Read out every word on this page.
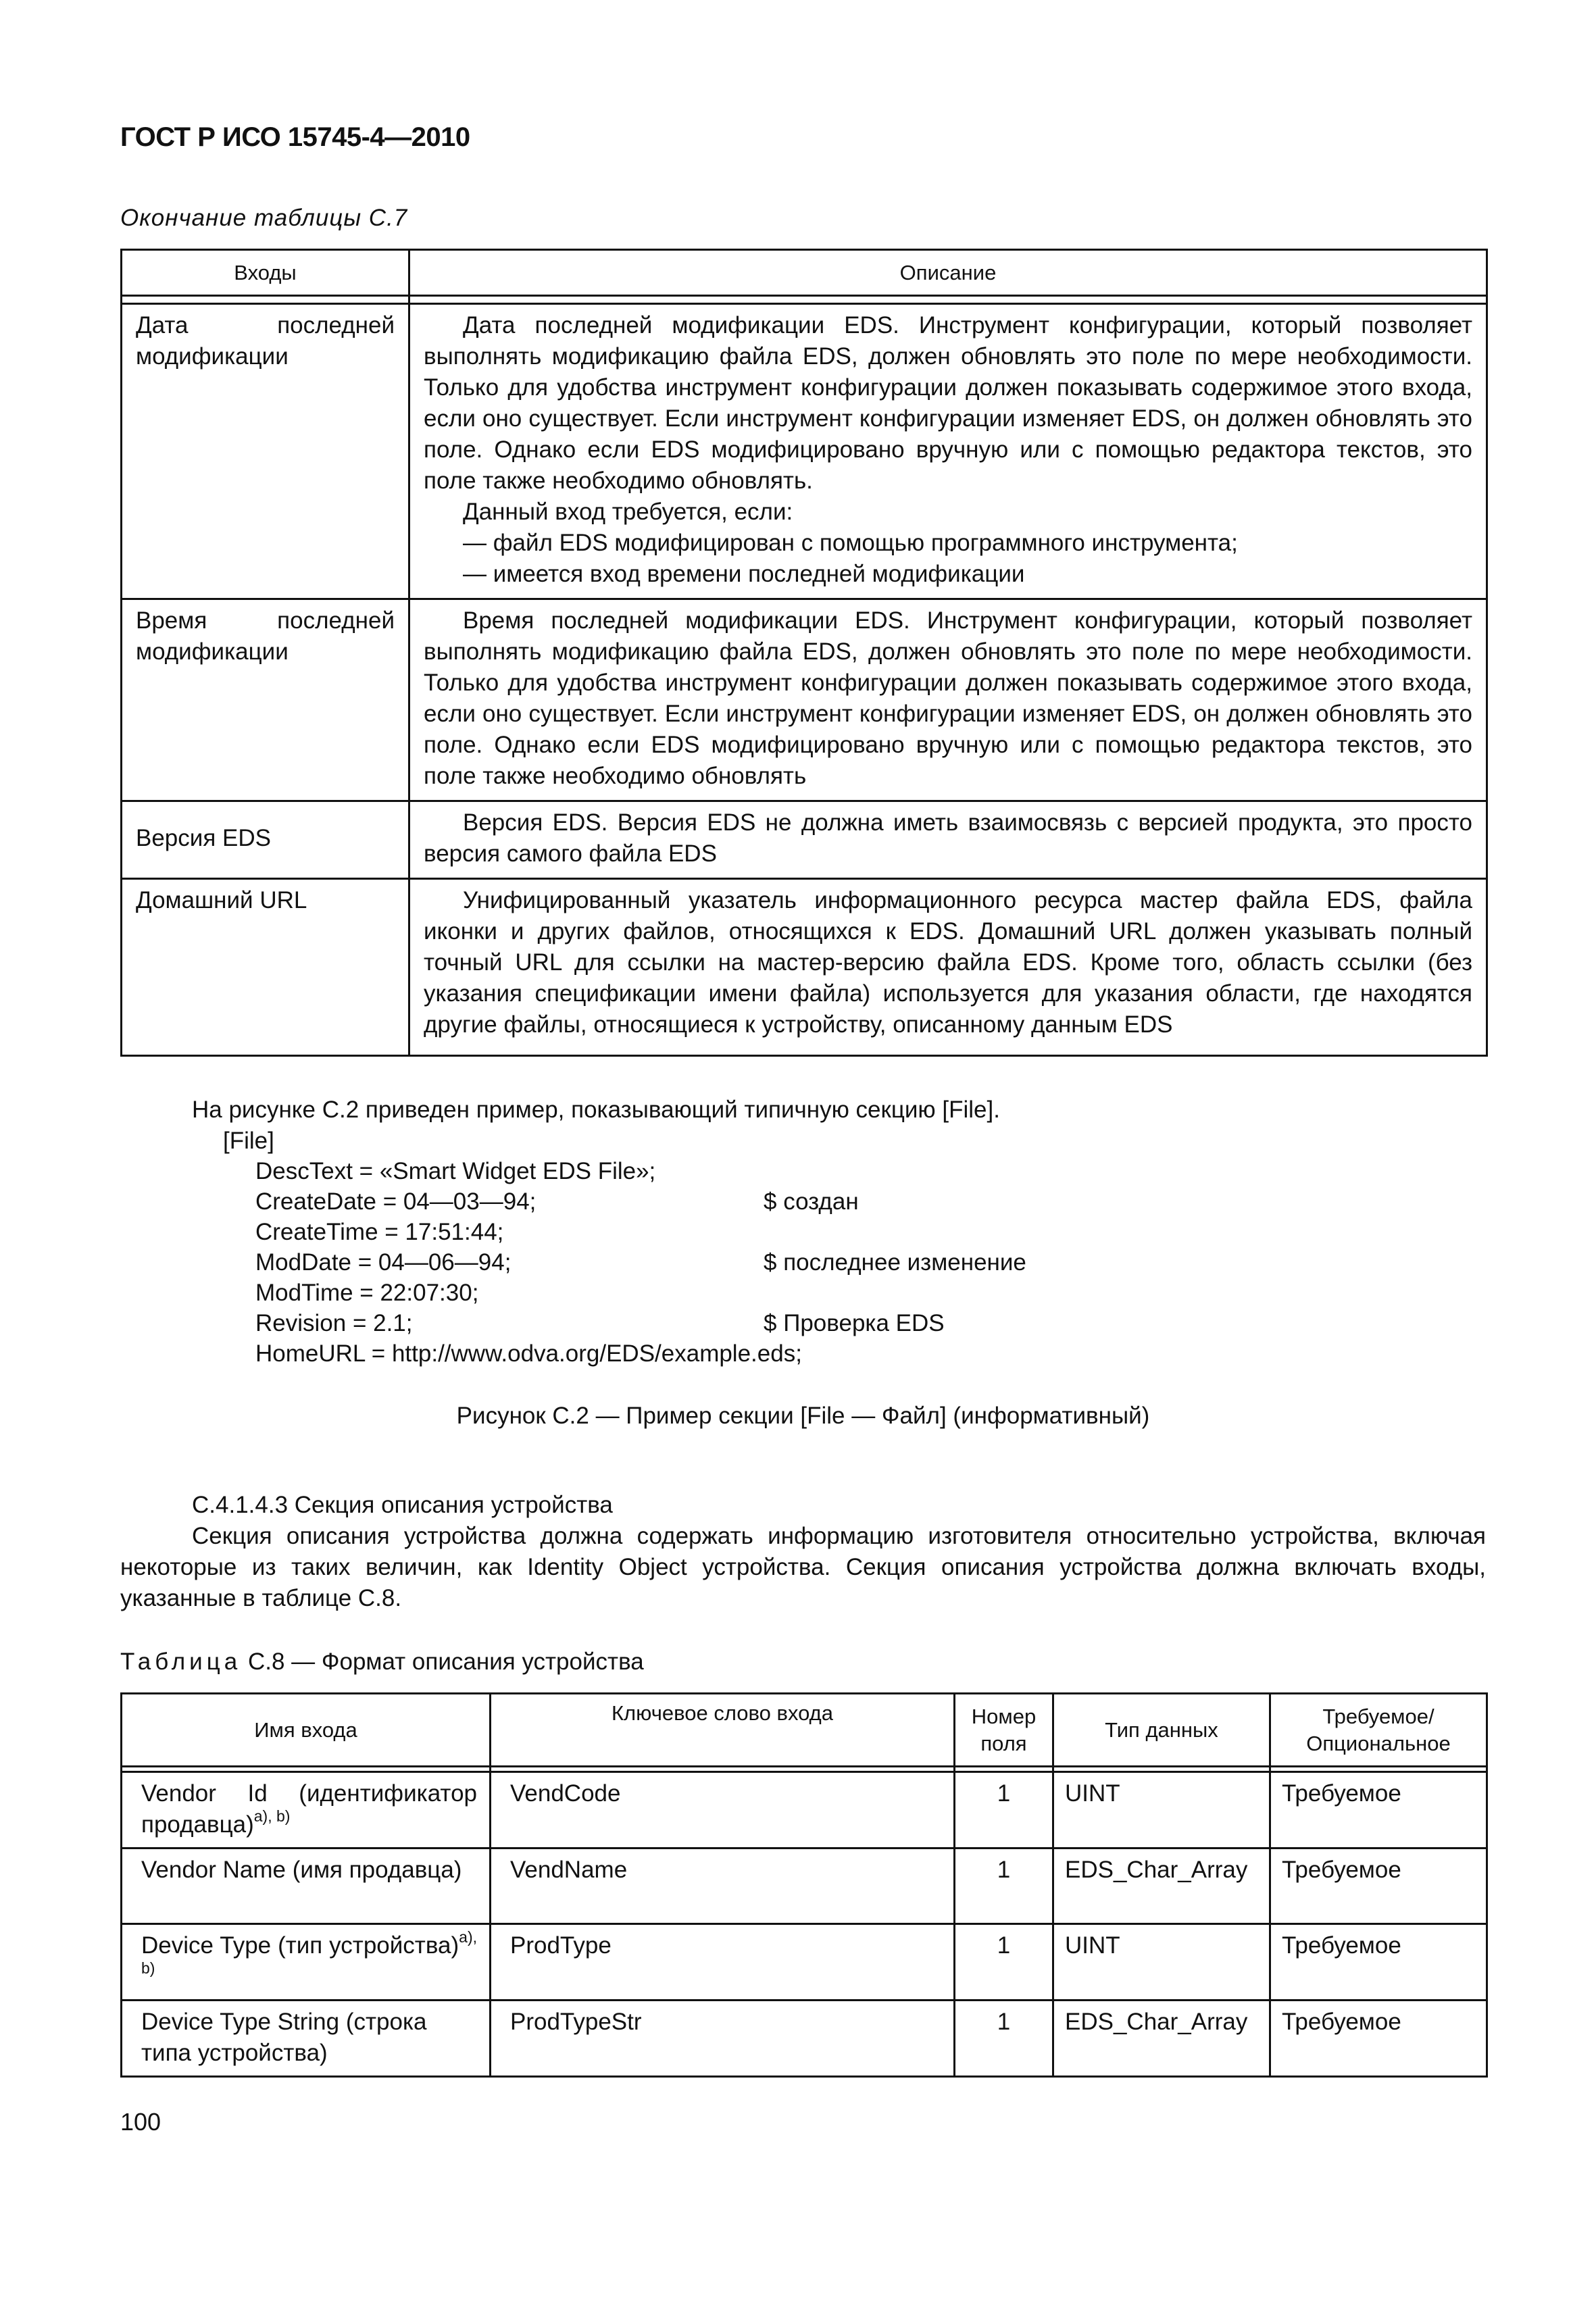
ГОСТ Р ИСО 15745-4—2010
Окончание таблицы С.7
Входы	Описание

Дата последней модификации	Дата последней модификации EDS. Инструмент конфигурации, который позволяет выполнять модификацию файла EDS, должен обновлять это поле по мере необходимости. Только для удобства инструмент конфигурации должен показывать содержимое этого входа, если оно существует. Если инструмент конфигурации изменяет EDS, он должен обновлять это поле. Однако если EDS модифицировано вручную или с помощью редактора текстов, это поле также необходимо обновлять.

Данный вход требуется, если:

— файл EDS модифицирован с помощью программного инструмента;

— имеется вход времени последней модификации

Время последней модификации	Время последней модификации EDS. Инструмент конфигурации, который позволяет выполнять модификацию файла EDS, должен обновлять это поле по мере необходимости. Только для удобства инструмент конфигурации должен показывать содержимое этого входа, если оно существует. Если инструмент конфигурации изменяет EDS, он должен обновлять это поле. Однако если EDS модифицировано вручную или с помощью редактора текстов, это поле также необходимо обновлять

Версия EDS	Версия EDS. Версия EDS не должна иметь взаимосвязь с версией продукта, это просто версия самого файла EDS

Домашний URL	Унифицированный указатель информационного ресурса мастер файла EDS, файла иконки и других файлов, относящихся к EDS. Домашний URL должен указывать полный точный URL для ссылки на мастер-версию файла EDS. Кроме того, область ссылки (без указания спецификации имени файла) используется для указания области, где находятся другие файлы, относящиеся к устройству, описанному данным EDS

На рисунке С.2 приведен пример, показывающий типичную секцию [File].
[File]
DescText = «Smart Widget EDS File»;
CreateDate = 04—03—94;	$ создан
CreateTime = 17:51:44;
ModDate = 04—06—94;	$ последнее изменение
ModTime = 22:07:30;
Revision = 2.1;	$ Проверка EDS
HomeURL = http://www.odva.org/EDS/example.eds;
Рисунок С.2 — Пример секции [File — Файл] (информативный)
С.4.1.4.3 Секция описания устройства
Секция описания устройства должна содержать информацию изготовителя относительно устройства, включая некоторые из таких величин, как Identity Object устройства. Секция описания устройства должна включать входы, указанные в таблице С.8.
Таблица С.8 — Формат описания устройства
Имя входа	Ключевое слово входа	Номер поля	Тип данных	Требуемое/ Опциональное

Vendor Id (идентификатор продавца)$^{а), b)}$	VendCode	1	UINT	Требуемое
Vendor Name (имя продавца)	VendName	1	EDS_Char_Array	Требуемое
Device Type (тип устройства)$^{а), b)}$	ProdType	1	UINT	Требуемое
Device Type String (строка типа устройства)	ProdTypeStr	1	EDS_Char_Array	Требуемое
100
